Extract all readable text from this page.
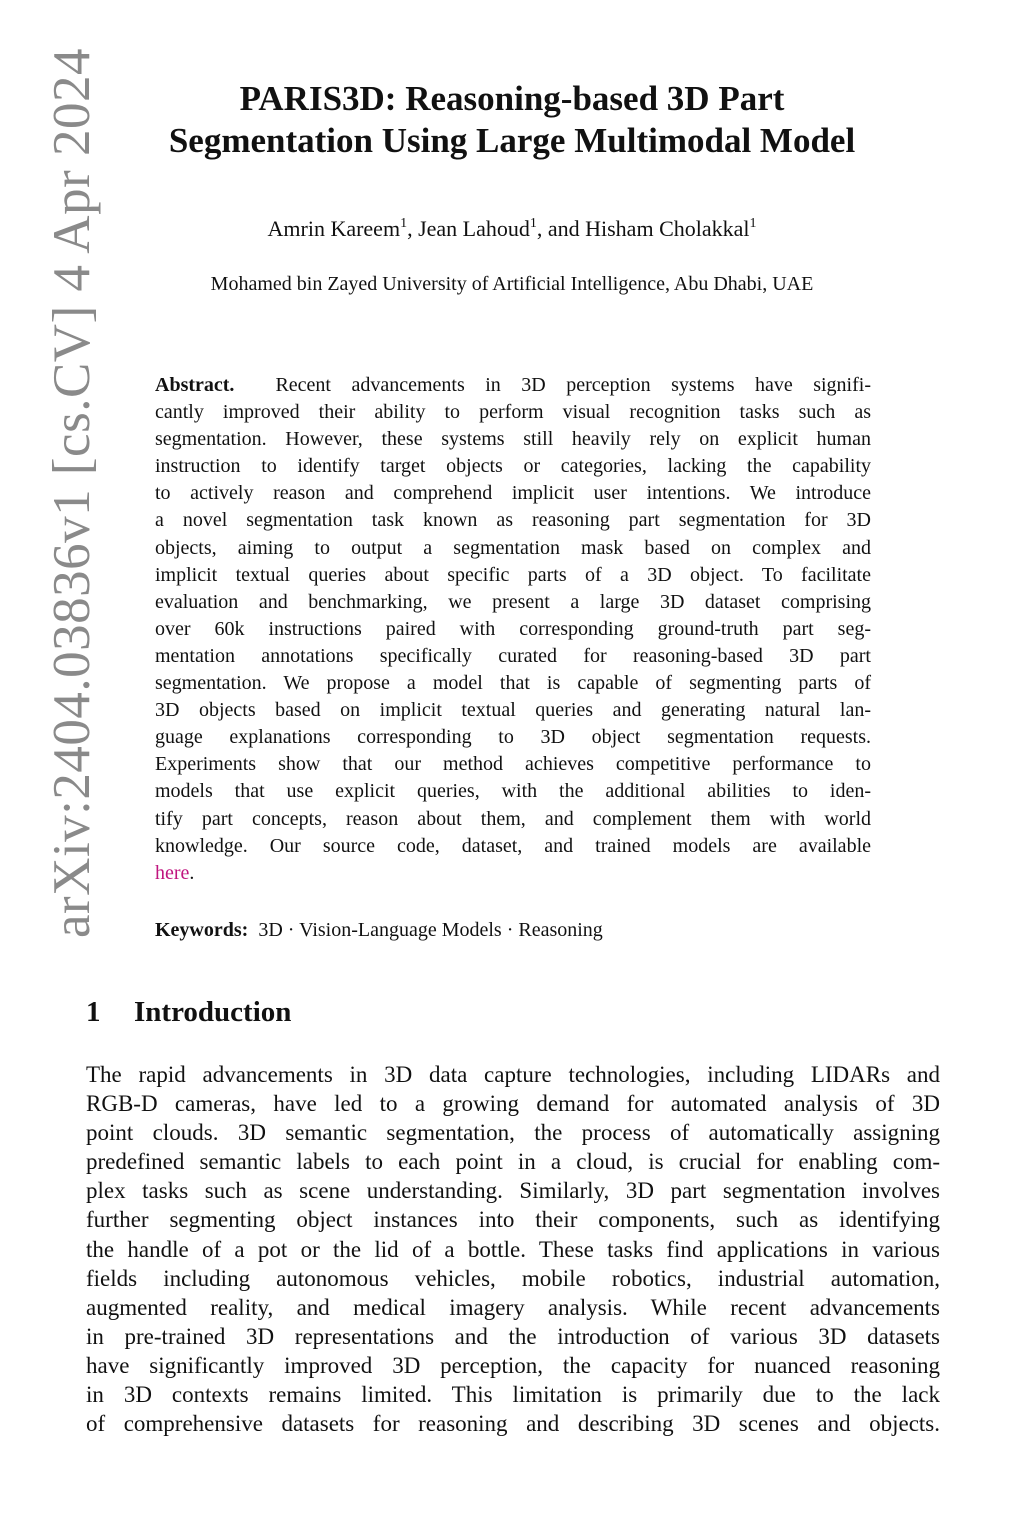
arXiv:2404.03836v1 [cs.CV] 4 Apr 2024	PARIS3D: Reasoning-based 3D Part
Segmentation Using Large Multimodal Model
Amrin Kareem$^1$, Jean Lahoud$^1$, and Hisham Cholakkal$^1$
Mohamed bin Zayed University of Artificial Intelligence, Abu Dhabi, UAE
Abstract. Recent advancements in 3D perception systems have signifi-
cantly improved their ability to perform visual recognition tasks such as
segmentation. However, these systems still heavily rely on explicit human
instruction to identify target objects or categories, lacking the capability
to actively reason and comprehend implicit user intentions. We introduce
a novel segmentation task known as reasoning part segmentation for 3D
objects, aiming to output a segmentation mask based on complex and
implicit textual queries about specific parts of a 3D object. To facilitate
evaluation and benchmarking, we present a large 3D dataset comprising
over 60k instructions paired with corresponding ground-truth part seg-
mentation annotations specifically curated for reasoning-based 3D part
segmentation. We propose a model that is capable of segmenting parts of
3D objects based on implicit textual queries and generating natural lan-
guage explanations corresponding to 3D object segmentation requests.
Experiments show that our method achieves competitive performance to
models that use explicit queries, with the additional abilities to iden-
tify part concepts, reason about them, and complement them with world
knowledge. Our source code, dataset, and trained models are available
here.
Keywords: 3D · Vision-Language Models · Reasoning
1 Introduction
The rapid advancements in 3D data capture technologies, including LIDARs and
RGB-D cameras, have led to a growing demand for automated analysis of 3D
point clouds. 3D semantic segmentation, the process of automatically assigning
predefined semantic labels to each point in a cloud, is crucial for enabling com-
plex tasks such as scene understanding. Similarly, 3D part segmentation involves
further segmenting object instances into their components, such as identifying
the handle of a pot or the lid of a bottle. These tasks find applications in various
fields including autonomous vehicles, mobile robotics, industrial automation,
augmented reality, and medical imagery analysis. While recent advancements
in pre-trained 3D representations and the introduction of various 3D datasets
have significantly improved 3D perception, the capacity for nuanced reasoning
in 3D contexts remains limited. This limitation is primarily due to the lack
of comprehensive datasets for reasoning and describing 3D scenes and objects.
